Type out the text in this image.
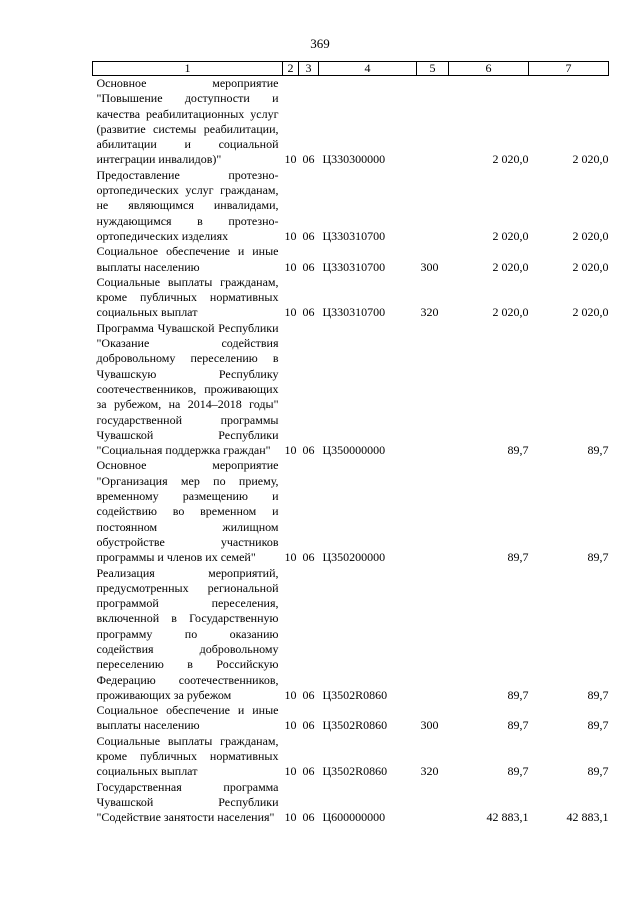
369
1	2	3	4	5	6	7
Основное мероприятие "Повышение доступности и качества реабилитационных услуг (развитие системы реабилитации, абилитации и социальной интеграции инвалидов)"	10	06	Ц330300000		2 020,0	2 020,0
Предоставление протезно-ортопедических услуг гражданам, не являющимся инвалидами, нуждающимся в протезно-ортопедических изделиях	10	06	Ц330310700		2 020,0	2 020,0
Социальное обеспечение и иные выплаты населению	10	06	Ц330310700	300	2 020,0	2 020,0
Социальные выплаты гражданам, кроме публичных нормативных социальных выплат	10	06	Ц330310700	320	2 020,0	2 020,0
Программа Чувашской Республики "Оказание содействия добровольному переселению в Чувашскую Республику соотечественников, проживающих за рубежом, на 2014–2018 годы" государственной программы Чувашской Республики "Социальная поддержка граждан"	10	06	Ц350000000		89,7	89,7
Основное мероприятие "Организация мер по приему, временному размещению и содействию во временном и постоянном жилищном обустройстве участников программы и членов их семей"	10	06	Ц350200000		89,7	89,7
Реализация мероприятий, предусмотренных региональной программой переселения, включенной в Государственную программу по оказанию содействия добровольному переселению в Российскую Федерацию соотечественников, проживающих за рубежом	10	06	Ц3502R0860		89,7	89,7
Социальное обеспечение и иные выплаты населению	10	06	Ц3502R0860	300	89,7	89,7
Социальные выплаты гражданам, кроме публичных нормативных социальных выплат	10	06	Ц3502R0860	320	89,7	89,7
Государственная программа Чувашской Республики "Содействие занятости населения"	10	06	Ц600000000		42 883,1	42 883,1
